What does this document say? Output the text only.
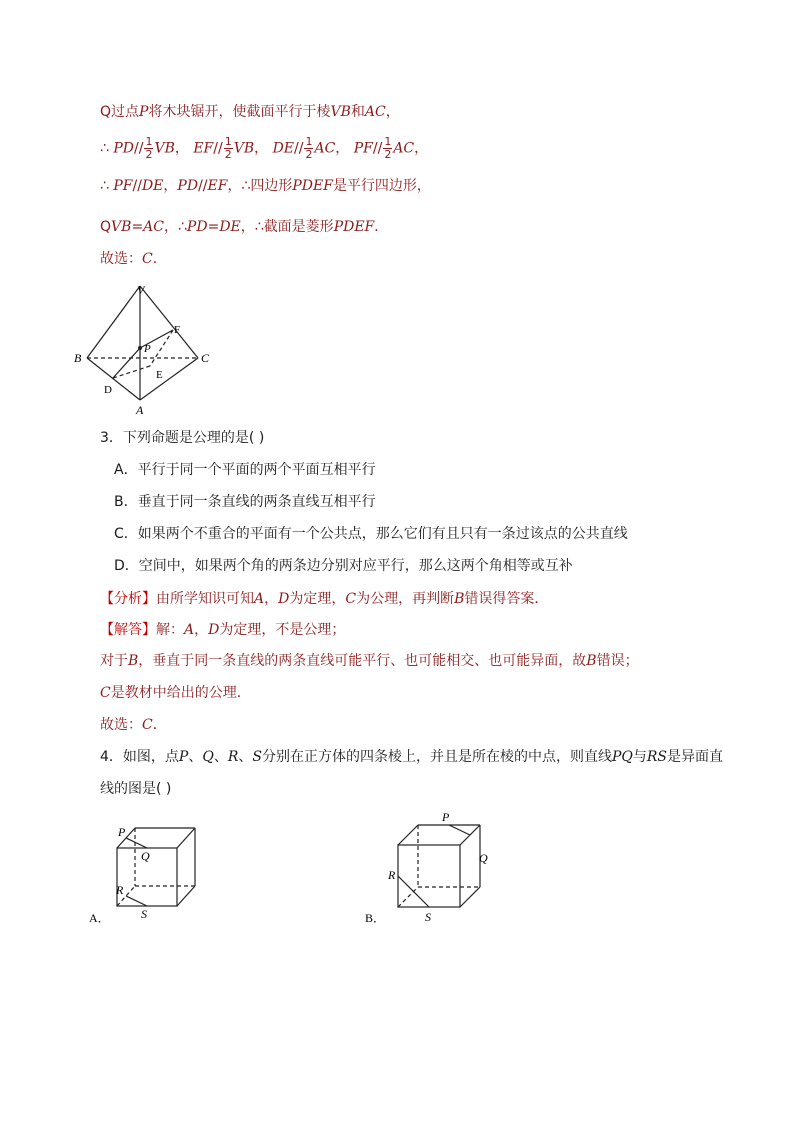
Q过点P将木块锯开，使截面平行于棱VB和AC，
∴ $PD// \frac{1}{2}$ VB， $EF// \frac{1}{2}$ VB， $DE// \frac{1}{2}$ AC， $PF// \frac{1}{2}$ AC，
∴ PF//DE，PD//EF，∴四边形PDEF是平行四边形，
QVB=AC，∴PD=DE，∴截面是菱形PDEF．
故选：C．
V
B	C
A
P
F
E
D
3．下列命题是公理的是( )
A．平行于同一个平面的两个平面互相平行
B．垂直于同一条直线的两条直线互相平行
C．如果两个不重合的平面有一个公共点，那么它们有且只有一条过该点的公共直线
D．空间中，如果两个角的两条边分别对应平行，那么这两个角相等或互补
【分析】由所学知识可知A，D为定理，C为公理，再判断B错误得答案．
【解答】解：A，D为定理，不是公理；
对于B，垂直于同一条直线的两条直线可能平行、也可能相交、也可能异面，故B错误；
C是教材中给出的公理．
故选：C．
4．如图，点P、Q、R、S分别在正方体的四条棱上，并且是所在棱的中点，则直线PQ与RS是异面直
线的图是( )
P
Q
R
S
A．
P
Q
R
S
B．
